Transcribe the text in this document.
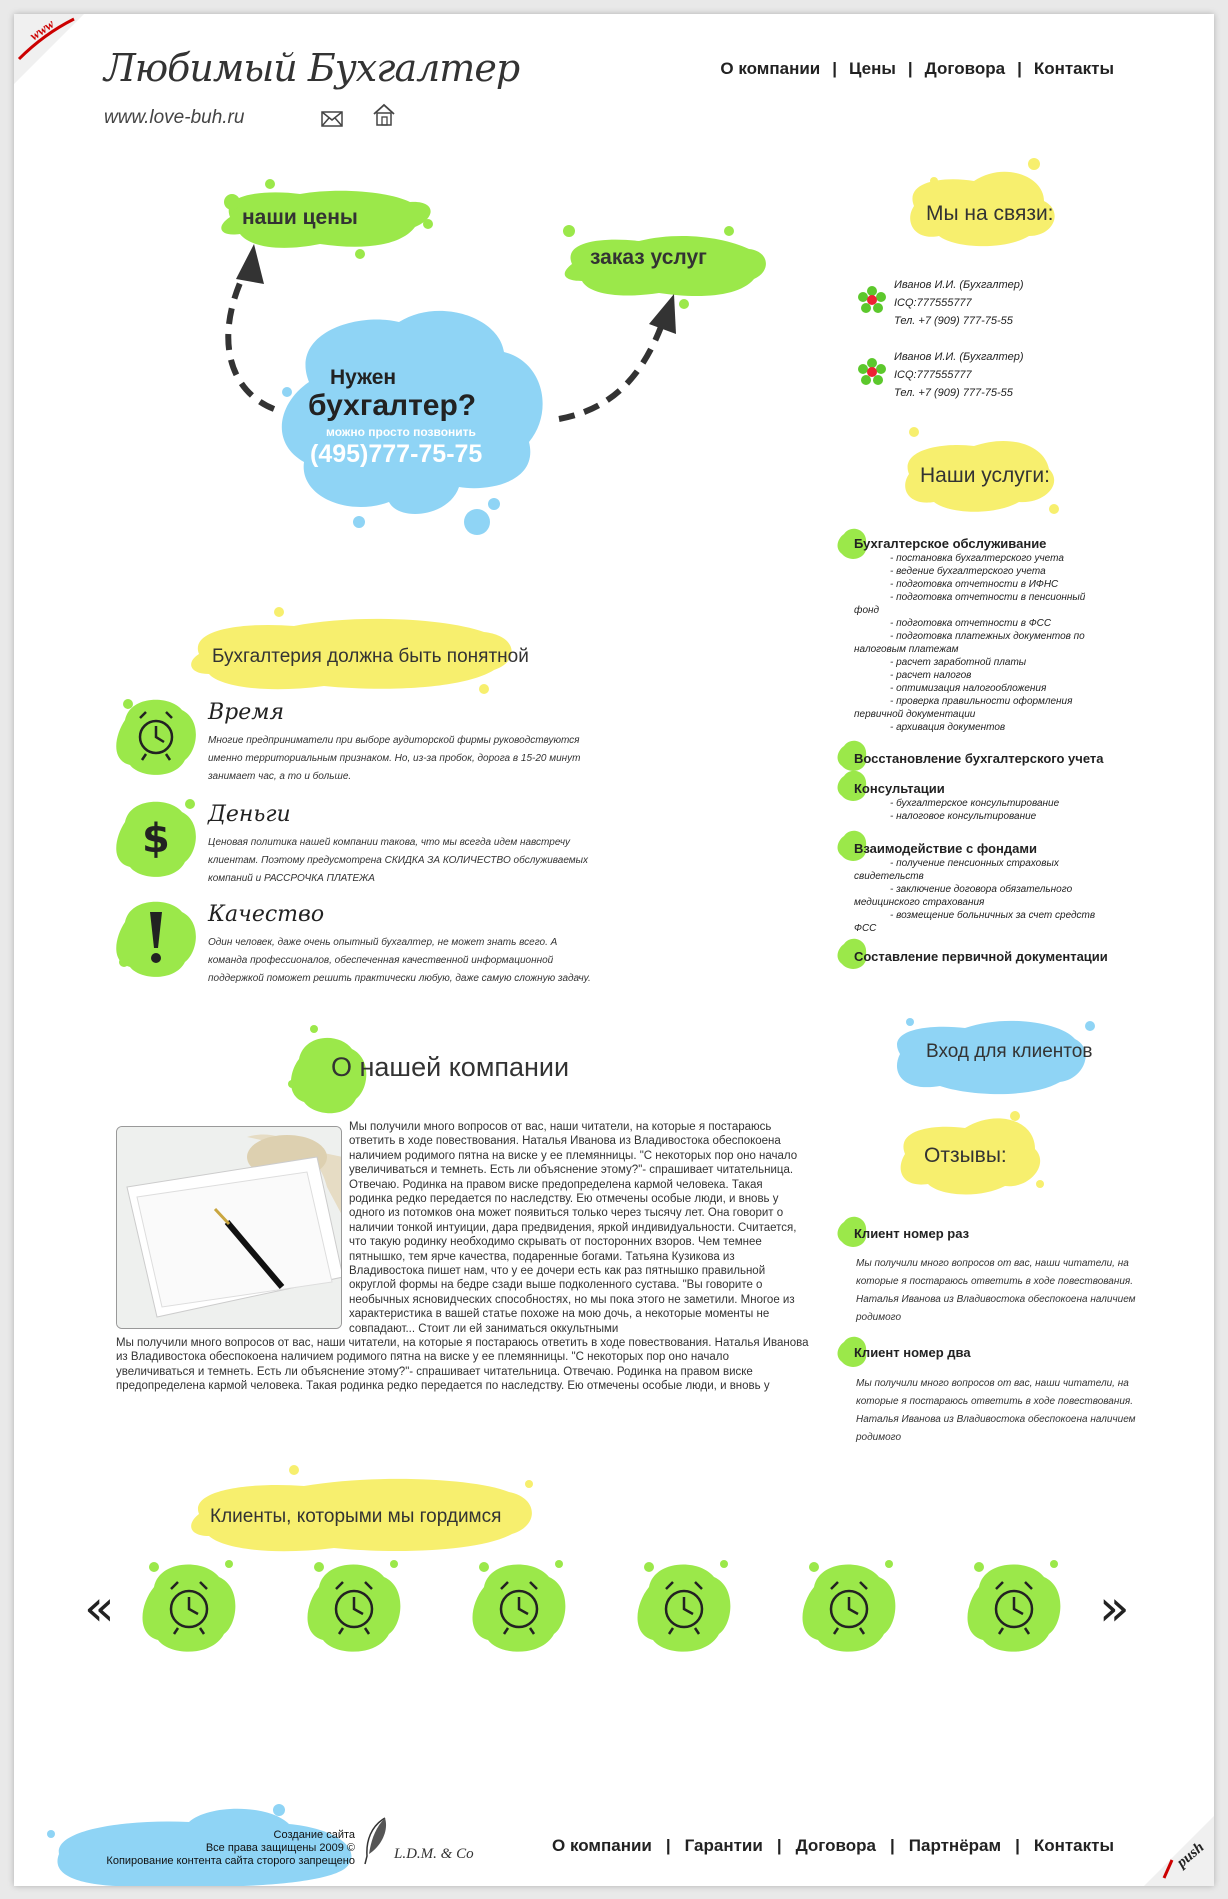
www
push
Любимый Бухгалтер
www.love-buh.ru
О компании | Цены | Договора | Контакты
наши цены
заказ услуг
Нужен
бухгалтер?
можно просто позвонить
(495)777-75-75
Мы на связи:
Иванов И.И. (Бухгалтер)
ICQ:777555777
Тел. +7 (909) 777-75-55
Иванов И.И. (Бухгалтер)
ICQ:777555777
Тел. +7 (909) 777-75-55
Наши услуги:
Бухгалтерское обслуживание
- постановка бухгалтерского учета
- ведение бухгалтерского учета
- подготовка отчетности в ИФНС
- подготовка отчетности в пенсионный
фонд
- подготовка отчетности в ФСС
- подготовка платежных документов по
налоговым платежам
- расчет заработной платы
- расчет налогов
- оптимизация налогообложения
- проверка правильности оформления
первичной документации
- архивация документов
Восстановление бухгалтерского учета
Консультации
- бухгалтерское консультирование
- налоговое консультирование
Взаимодействие с фондами
- получение пенсионных страховых
свидетельств
- заключение договора обязательного
медицинского страхования
- возмещение больничных за счет средств
ФСС
Составление первичной документации
Вход для клиентов
Отзывы:
Клиент номер раз
Мы получили много вопросов от вас, наши читатели, на которые я постараюсь ответить в ходе повествования. Наталья Иванова из Владивостока обеспокоена наличием родимого
Клиент номер два
Мы получили много вопросов от вас, наши читатели, на которые я постараюсь ответить в ходе повествования. Наталья Иванова из Владивостока обеспокоена наличием родимого
Бухгалтерия должна быть понятной
Время
Многие предприниматели при выборе аудиторской фирмы руководствуются именно территориальным признаком. Но, из-за пробок, дорога в 15-20 минут занимает час, а то и больше.
$
Деньги
Ценовая политика нашей компании такова, что мы всегда идем навстречу клиентам. Поэтому предусмотрена СКИДКА ЗА КОЛИЧЕСТВО обслуживаемых компаний и РАССРОЧКА ПЛАТЕЖА
Качество
Один человек, даже очень опытный бухгалтер, не может знать всего. А команда профессионалов, обеспеченная качественной информационной поддержкой поможет решить практически любую, даже самую сложную задачу.
О нашей компании
Мы получили много вопросов от вас, наши читатели, на которые я постараюсь ответить в ходе повествования. Наталья Иванова из Владивостока обеспокоена наличием родимого пятна на виске у ее племянницы. "С некоторых пор оно начало увеличиваться и темнеть. Есть ли объяснение этому?"- спрашивает читательница. Отвечаю. Родинка на правом виске предопределена кармой человека. Такая родинка редко передается по наследству. Ею отмечены особые люди, и вновь у одного из потомков она может появиться только через тысячу лет. Она говорит о наличии тонкой интуиции, дара предвидения, яркой индивидуальности. Считается, что такую родинку необходимо скрывать от посторонних взоров. Чем темнее пятнышко, тем ярче качества, подаренные богами. Татьяна Кузикова из Владивостока пишет нам, что у ее дочери есть как раз пятнышко правильной округлой формы на бедре сзади выше подколенного сустава. "Вы говорите о необычных ясновидческих способностях, но мы пока этого не заметили. Многое из характеристика в вашей статье похоже на мою дочь, а некоторые моменты не совпадают... Стоит ли ей заниматься оккультными
Мы получили много вопросов от вас, наши читатели, на которые я постараюсь ответить в ходе повествования. Наталья Иванова из Владивостока обеспокоена наличием родимого пятна на виске у ее племянницы. "С некоторых пор оно начало увеличиваться и темнеть. Есть ли объяснение этому?"- спрашивает читательница. Отвечаю. Родинка на правом виске предопределена кармой человека. Такая родинка редко передается по наследству. Ею отмечены особые люди, и вновь у
Клиенты, которыми мы гордимся
«	»
Создание сайта
Все права защищены 2009 ©
Копирование контента сайта сторого запрещено	L.D.M. & Co	О компании | Гарантии | Договора | Партнёрам | Контакты
